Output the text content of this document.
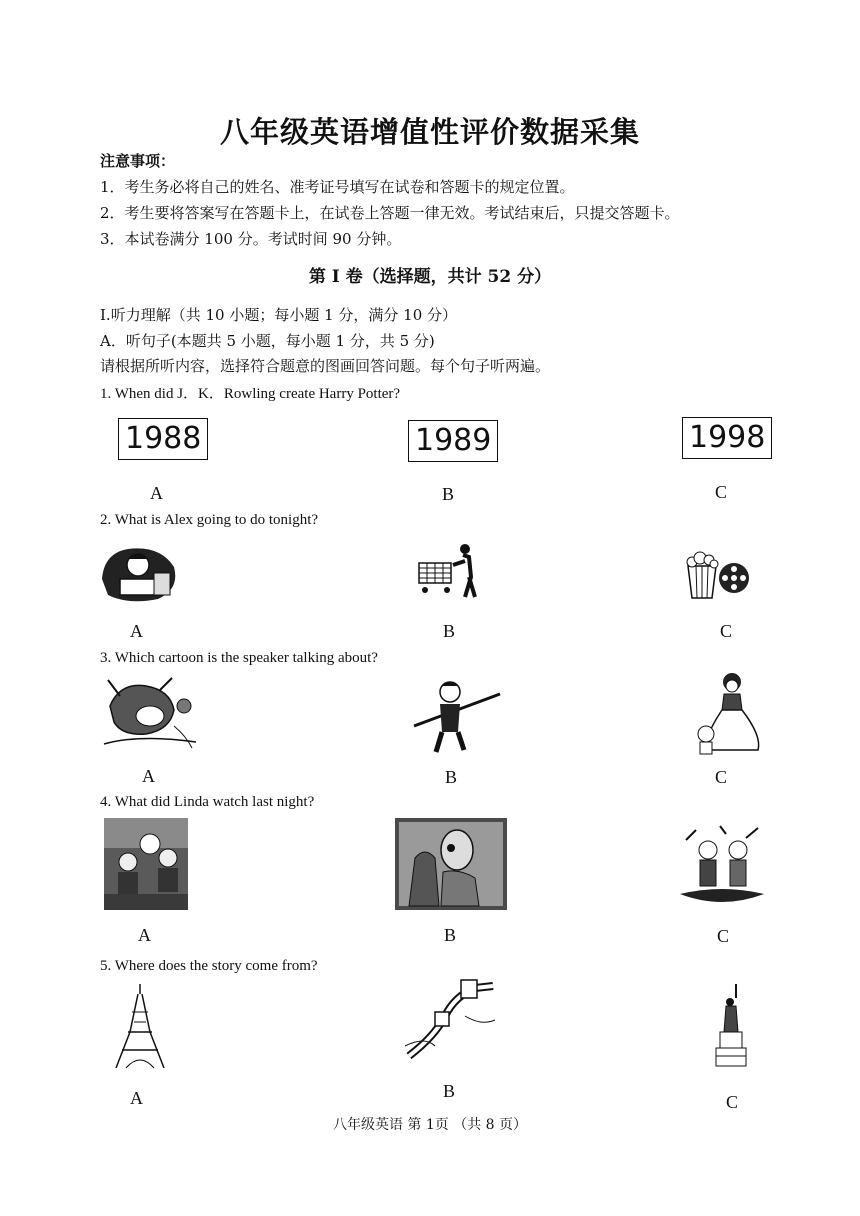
八年级英语增值性评价数据采集
注意事项：
1．考生务必将自己的姓名、准考证号填写在试卷和答题卡的规定位置。
2．考生要将答案写在答题卡上，在试卷上答题一律无效。考试结束后，只提交答题卡。
3．本试卷满分 100 分。考试时间 90 分钟。
第 I 卷（选择题，共计 52 分）
I.听力理解（共 10 小题；每小题 1 分，满分 10 分）
A．听句子(本题共 5 小题，每小题 1 分，共 5 分)
请根据所听内容，选择符合题意的图画回答问题。每个句子听两遍。
1. When did J．K．Rowling create Harry Potter?
1988	1989	1998
A	B	C
2. What is Alex going to do tonight?
A	B	C
3. Which cartoon is the speaker talking about?
A	B	C
4. What did Linda watch last night?
A	B	C
5. Where does the story come from?
A	B
C
八年级英语 第 1页 （共 8 页）
